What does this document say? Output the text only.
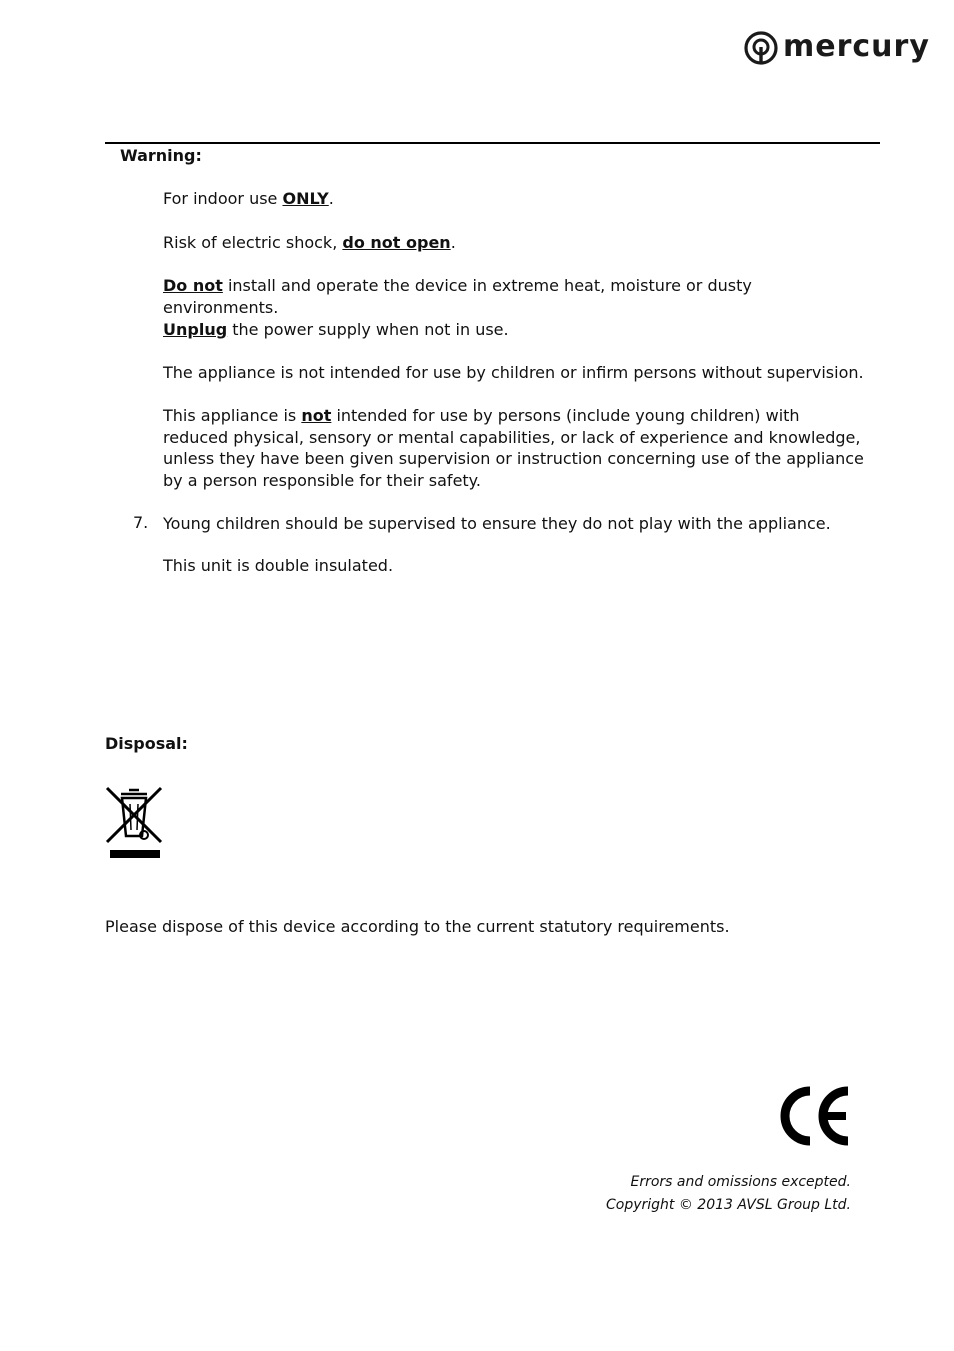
mercury
Warning:
For indoor use ONLY.
Risk of electric shock, do not open.
Do not install and operate the device in extreme heat, moisture or dusty environments.
Unplug the power supply when not in use.
The appliance is not intended for use by children or infirm persons without supervision.
This appliance is not intended for use by persons (include young children) with reduced physical, sensory or mental capabilities, or lack of experience and knowledge, unless they have been given supervision or instruction concerning use of the appliance by a person responsible for their safety.
7. Young children should be supervised to ensure they do not play with the appliance.
This unit is double insulated.
Disposal:
Please dispose of this device according to the current statutory requirements.
Errors and omissions excepted.
Copyright © 2013 AVSL Group Ltd.
